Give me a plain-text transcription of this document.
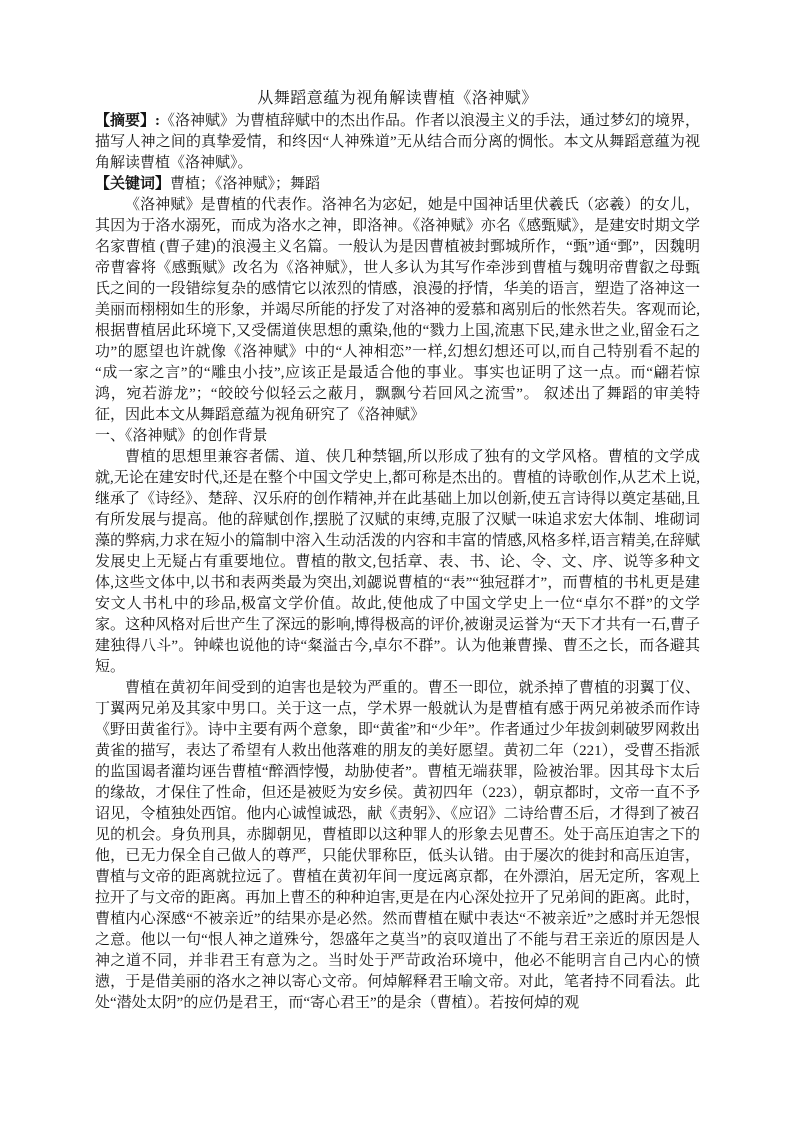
从舞蹈意蕴为视角解读曹植《洛神赋》

【摘要】:《洛神赋》为曹植辞赋中的杰出作品。作者以浪漫主义的手法，通过梦幻的境界，描写人神之间的真挚爱情，和终因“人神殊道”无从结合而分离的惆怅。本文从舞蹈意蕴为视角解读曹植《洛神赋》。

【关键词】曹植；《洛神赋》；舞蹈

《洛神赋》是曹植的代表作。洛神名为宓妃，她是中国神话里伏羲氏（宓羲）的女儿，其因为于洛水溺死，而成为洛水之神，即洛神。《洛神赋》亦名《感甄赋》，是建安时期文学名家曹植 (曹子建)的浪漫主义名篇。一般认为是因曹植被封鄄城所作，“甄”通“鄄”，因魏明帝曹睿将《感甄赋》改名为《洛神赋》，世人多认为其写作牵涉到曹植与魏明帝曹叡之母甄氏之间的一段错综复杂的感情它以浓烈的情感，浪漫的抒情，华美的语言，塑造了洛神这一美丽而栩栩如生的形象，并竭尽所能的抒发了对洛神的爱慕和离别后的怅然若失。客观而论,根据曹植居此环境下,又受儒道侠思想的熏染,他的“戮力上国,流惠下民,建永世之业,留金石之功”的愿望也许就像《洛神赋》中的“人神相恋”一样,幻想幻想还可以,而自己特别看不起的 “成一家之言”的“雕虫小技”,应该正是最适合他的事业。事实也证明了这一点。而“翩若惊鸿，宛若游龙”；“皎皎兮似轻云之蔽月，飘飘兮若回风之流雪”。 叙述出了舞蹈的审美特征，因此本文从舞蹈意蕴为视角研究了《洛神赋》

一、《洛神赋》的创作背景

曹植的思想里兼容者儒、道、侠几种禁锢,所以形成了独有的文学风格。曹植的文学成就,无论在建安时代,还是在整个中国文学史上,都可称是杰出的。曹植的诗歌创作,从艺术上说,继承了《诗经》、楚辞、汉乐府的创作精神,并在此基础上加以创新,使五言诗得以奠定基础,且有所发展与提高。他的辞赋创作,摆脱了汉赋的束缚,克服了汉赋一味追求宏大体制、堆砌词藻的弊病,力求在短小的篇制中溶入生动活泼的内容和丰富的情感,风格多样,语言精美,在辞赋发展史上无疑占有重要地位。曹植的散文,包括章、表、书、论、令、文、序、说等多种文体,这些文体中,以书和表两类最为突出,刘勰说曹植的“表”“独冠群才”，而曹植的书札更是建安文人书札中的珍品,极富文学价值。故此,使他成了中国文学史上一位“卓尔不群”的文学家。这种风格对后世产生了深远的影响,博得极高的评价,被谢灵运誉为“天下才共有一石,曹子建独得八斗”。钟嵘也说他的诗“粲溢古今,卓尔不群”。认为他兼曹操、曹丕之长，而各避其短。

曹植在黄初年间受到的迫害也是较为严重的。曹丕一即位，就杀掉了曹植的羽翼丁仪、丁翼两兄弟及其家中男口。关于这一点，学术界一般就认为是曹植有感于两兄弟被杀而作诗《野田黄雀行》。诗中主要有两个意象，即“黄雀”和“少年”。作者通过少年拔剑刺破罗网救出黄雀的描写，表达了希望有人救出他落难的朋友的美好愿望。黄初二年（221），受曹丕指派的监国谒者灌均诬告曹植“醉酒悖慢，劫胁使者”。曹植无端获罪，险被治罪。因其母卞太后的缘故，才保住了性命，但还是被贬为安乡侯。黄初四年（223），朝京都时，文帝一直不予诏见，令植独处西馆。他内心诚惶诚恐，献《责躬》、《应诏》二诗给曹丕后，才得到了被召见的机会。身负刑具，赤脚朝见，曹植即以这种罪人的形象去见曹丕。处于高压迫害之下的他，已无力保全自己做人的尊严，只能伏罪称臣，低头认错。由于屡次的徙封和高压迫害，曹植与文帝的距离就拉远了。曹植在黄初年间一度远离京都，在外漂泊，居无定所，客观上拉开了与文帝的距离。再加上曹丕的种种迫害,更是在内心深处拉开了兄弟间的距离。此时，曹植内心深感“不被亲近”的结果亦是必然。然而曹植在赋中表达“不被亲近”之感时并无怨恨之意。他以一句“恨人神之道殊兮，怨盛年之莫当”的哀叹道出了不能与君王亲近的原因是人神之道不同，并非君王有意为之。当时处于严苛政治环境中，他必不能明言自己内心的愤懑，于是借美丽的洛水之神以寄心文帝。何焯解释君王喻文帝。对此，笔者持不同看法。此处“潜处太阴”的应仍是君王，而“寄心君王”的是余（曹植）。若按何焯的观
